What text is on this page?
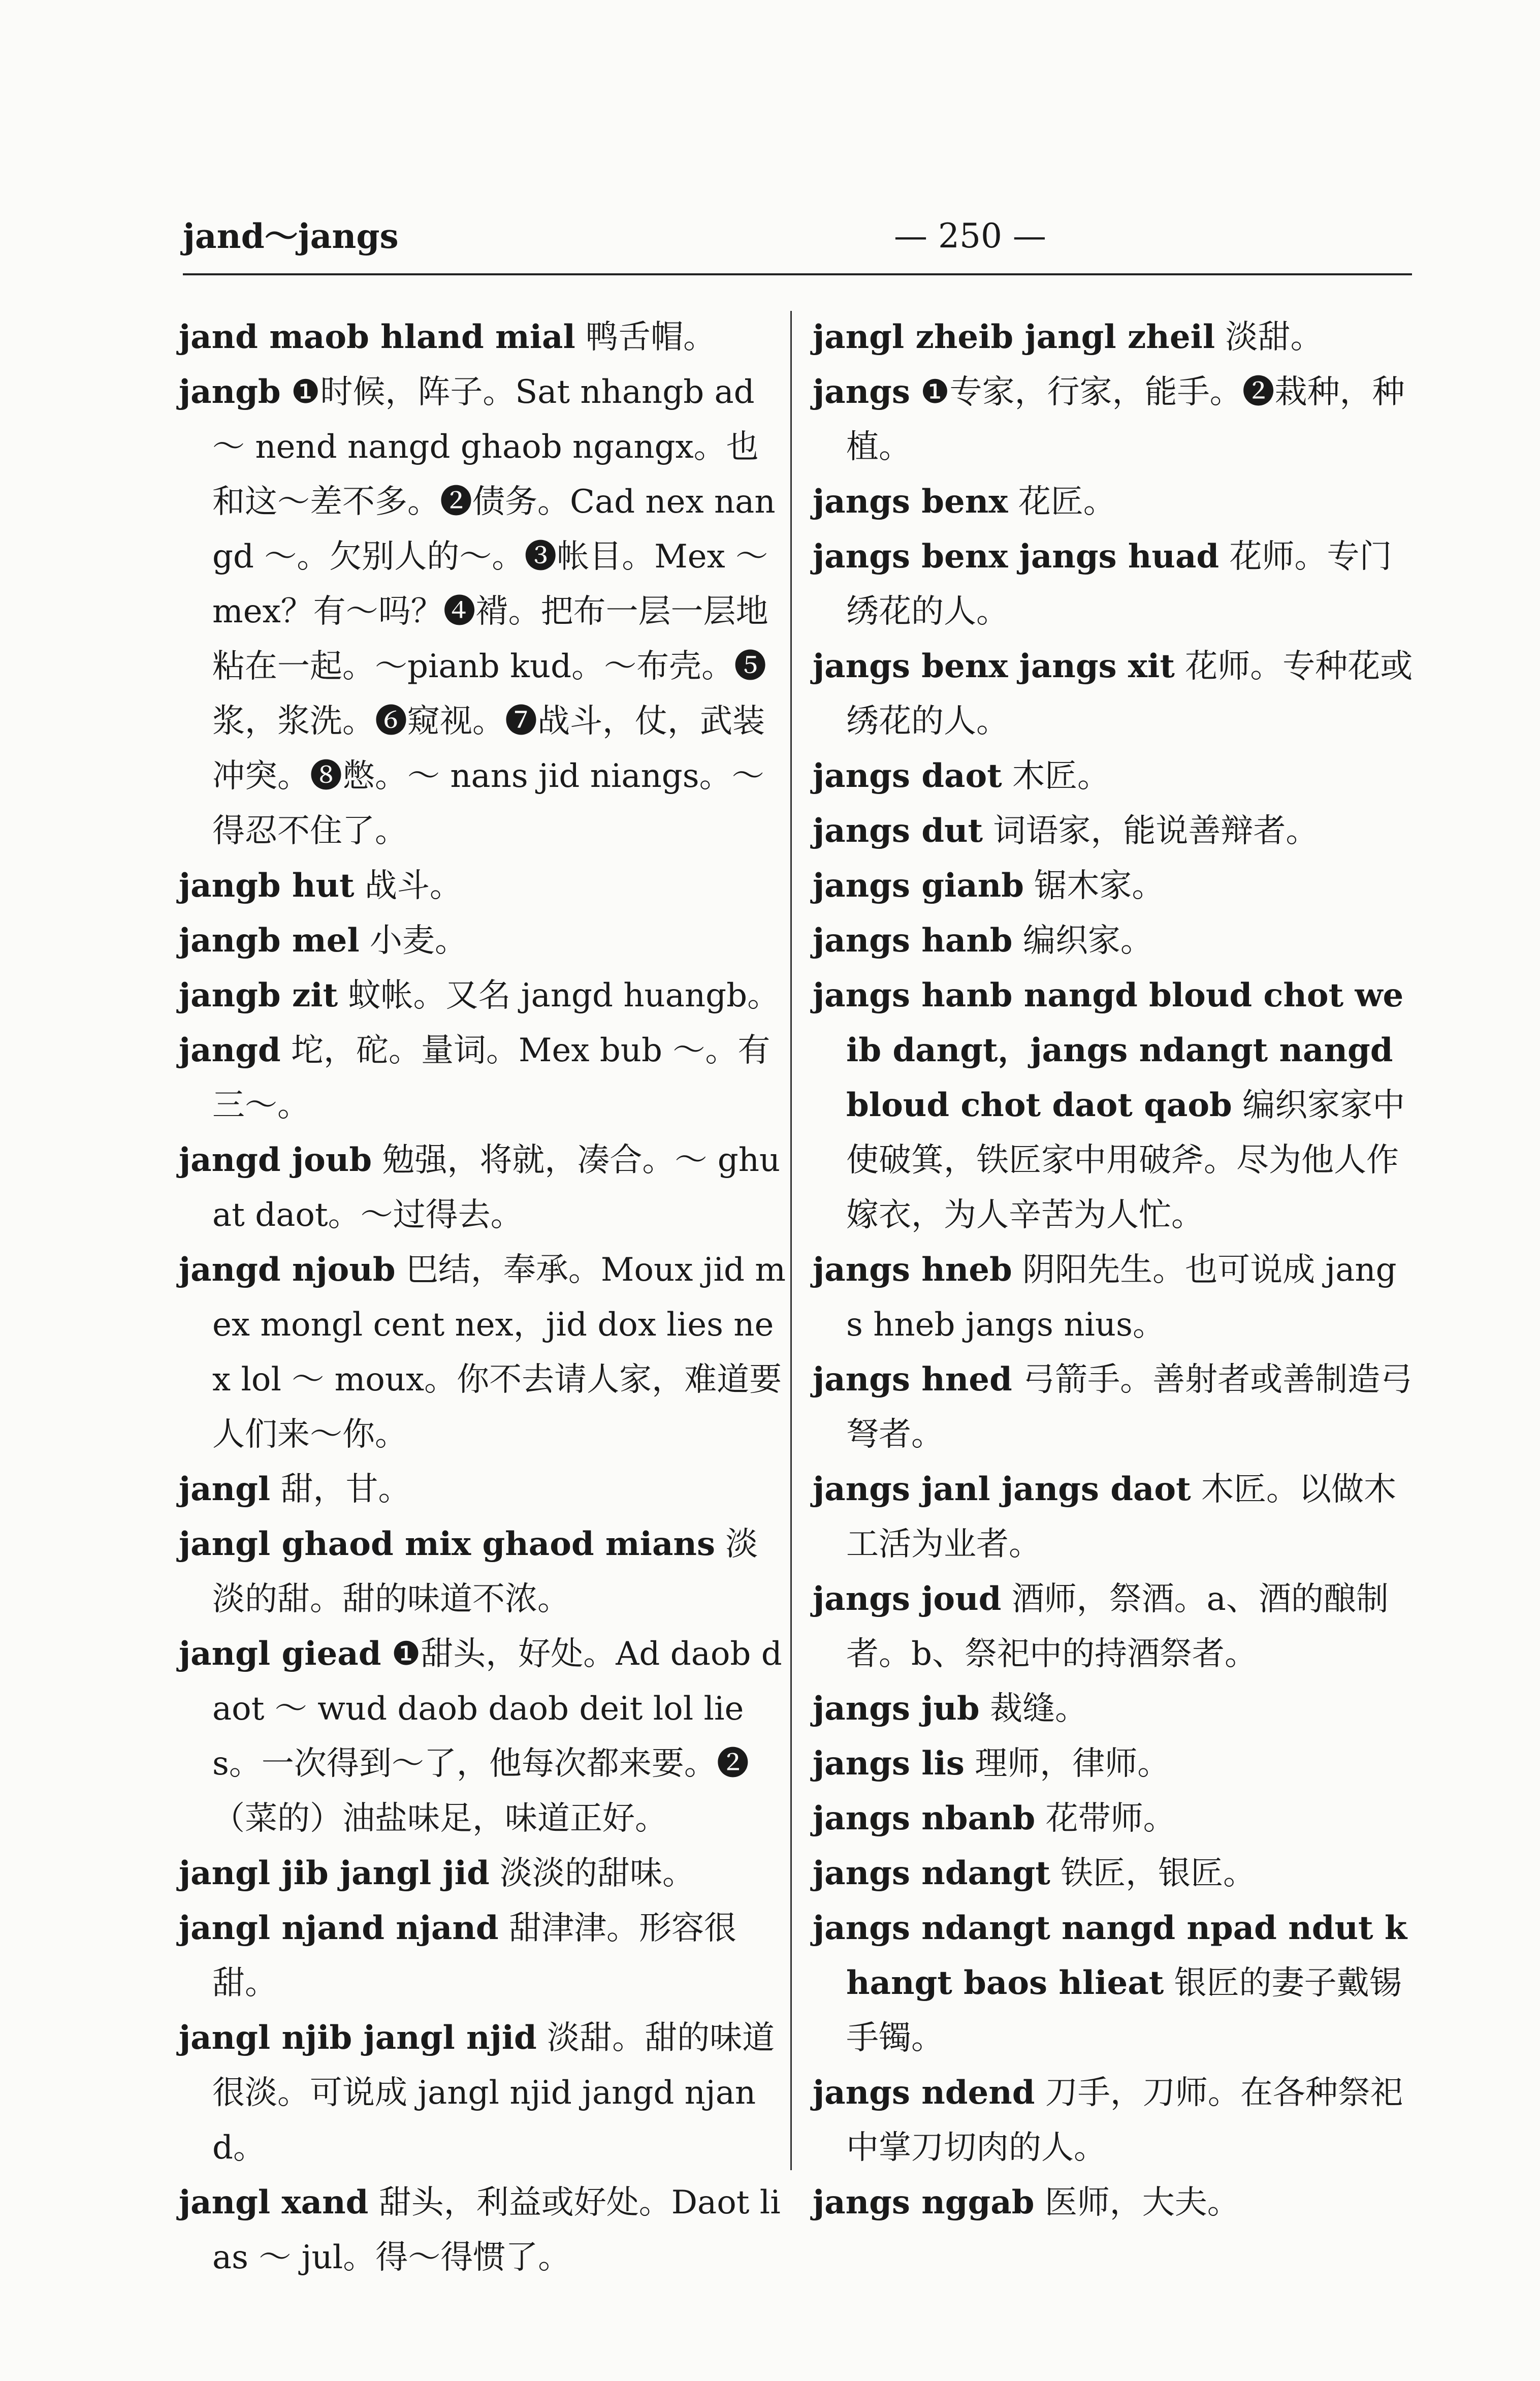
jand～jangs	— 250 —

jand maob hland mial 鸭舌帽。

jangb ❶时候，阵子。Sat nhangb ad ～ nend nangd ghaob ngangx。也和这～差不多。❷债务。Cad nex nangd ～。欠别人的～。❸帐目。Mex ～ mex？有～吗？❹褙。把布一层一层地粘在一起。～pianb kud。～布壳。❺浆，浆洗。❻窥视。❼战斗，仗，武装冲突。❽憋。～ nans jid niangs。～得忍不住了。

jangb hut 战斗。

jangb mel 小麦。

jangb zit 蚊帐。又名 jangd huangb。

jangd 坨，砣。量词。Mex bub ～。有三～。

jangd joub 勉强，将就，凑合。～ ghuat daot。～过得去。

jangd njoub 巴结，奉承。Moux jid mex mongl cent nex，jid dox lies nex lol ～ moux。你不去请人家，难道要人们来～你。

jangl 甜，甘。

jangl ghaod mix ghaod mians 淡淡的甜。甜的味道不浓。

jangl giead ❶甜头，好处。Ad daob daot ～ wud daob daob deit lol lies。一次得到～了，他每次都来要。❷（菜的）油盐味足，味道正好。

jangl jib jangl jid 淡淡的甜味。

jangl njand njand 甜津津。形容很甜。

jangl njib jangl njid 淡甜。甜的味道很淡。可说成 jangl njid jangd njand。

jangl xand 甜头，利益或好处。Daot lias ～ jul。得～得惯了。

jangl zheib jangl zheil 淡甜。

jangs ❶专家，行家，能手。❷栽种，种植。

jangs benx 花匠。

jangs benx jangs huad 花师。专门绣花的人。

jangs benx jangs xit 花师。专种花或绣花的人。

jangs daot 木匠。

jangs dut 词语家，能说善辩者。

jangs gianb 锯木家。

jangs hanb 编织家。

jangs hanb nangd bloud chot weib dangt，jangs ndangt nangd bloud chot daot qaob 编织家家中使破箕，铁匠家中用破斧。尽为他人作嫁衣，为人辛苦为人忙。

jangs hneb 阴阳先生。也可说成 jangs hneb jangs nius。

jangs hned 弓箭手。善射者或善制造弓弩者。

jangs janl jangs daot 木匠。以做木工活为业者。

jangs joud 酒师，祭酒。a、酒的酿制者。b、祭祀中的持酒祭者。

jangs jub 裁缝。

jangs lis 理师，律师。

jangs nbanb 花带师。

jangs ndangt 铁匠，银匠。

jangs ndangt nangd npad ndut khangt baos hlieat 银匠的妻子戴锡手镯。

jangs ndend 刀手，刀师。在各种祭祀中掌刀切肉的人。

jangs nggab 医师，大夫。
